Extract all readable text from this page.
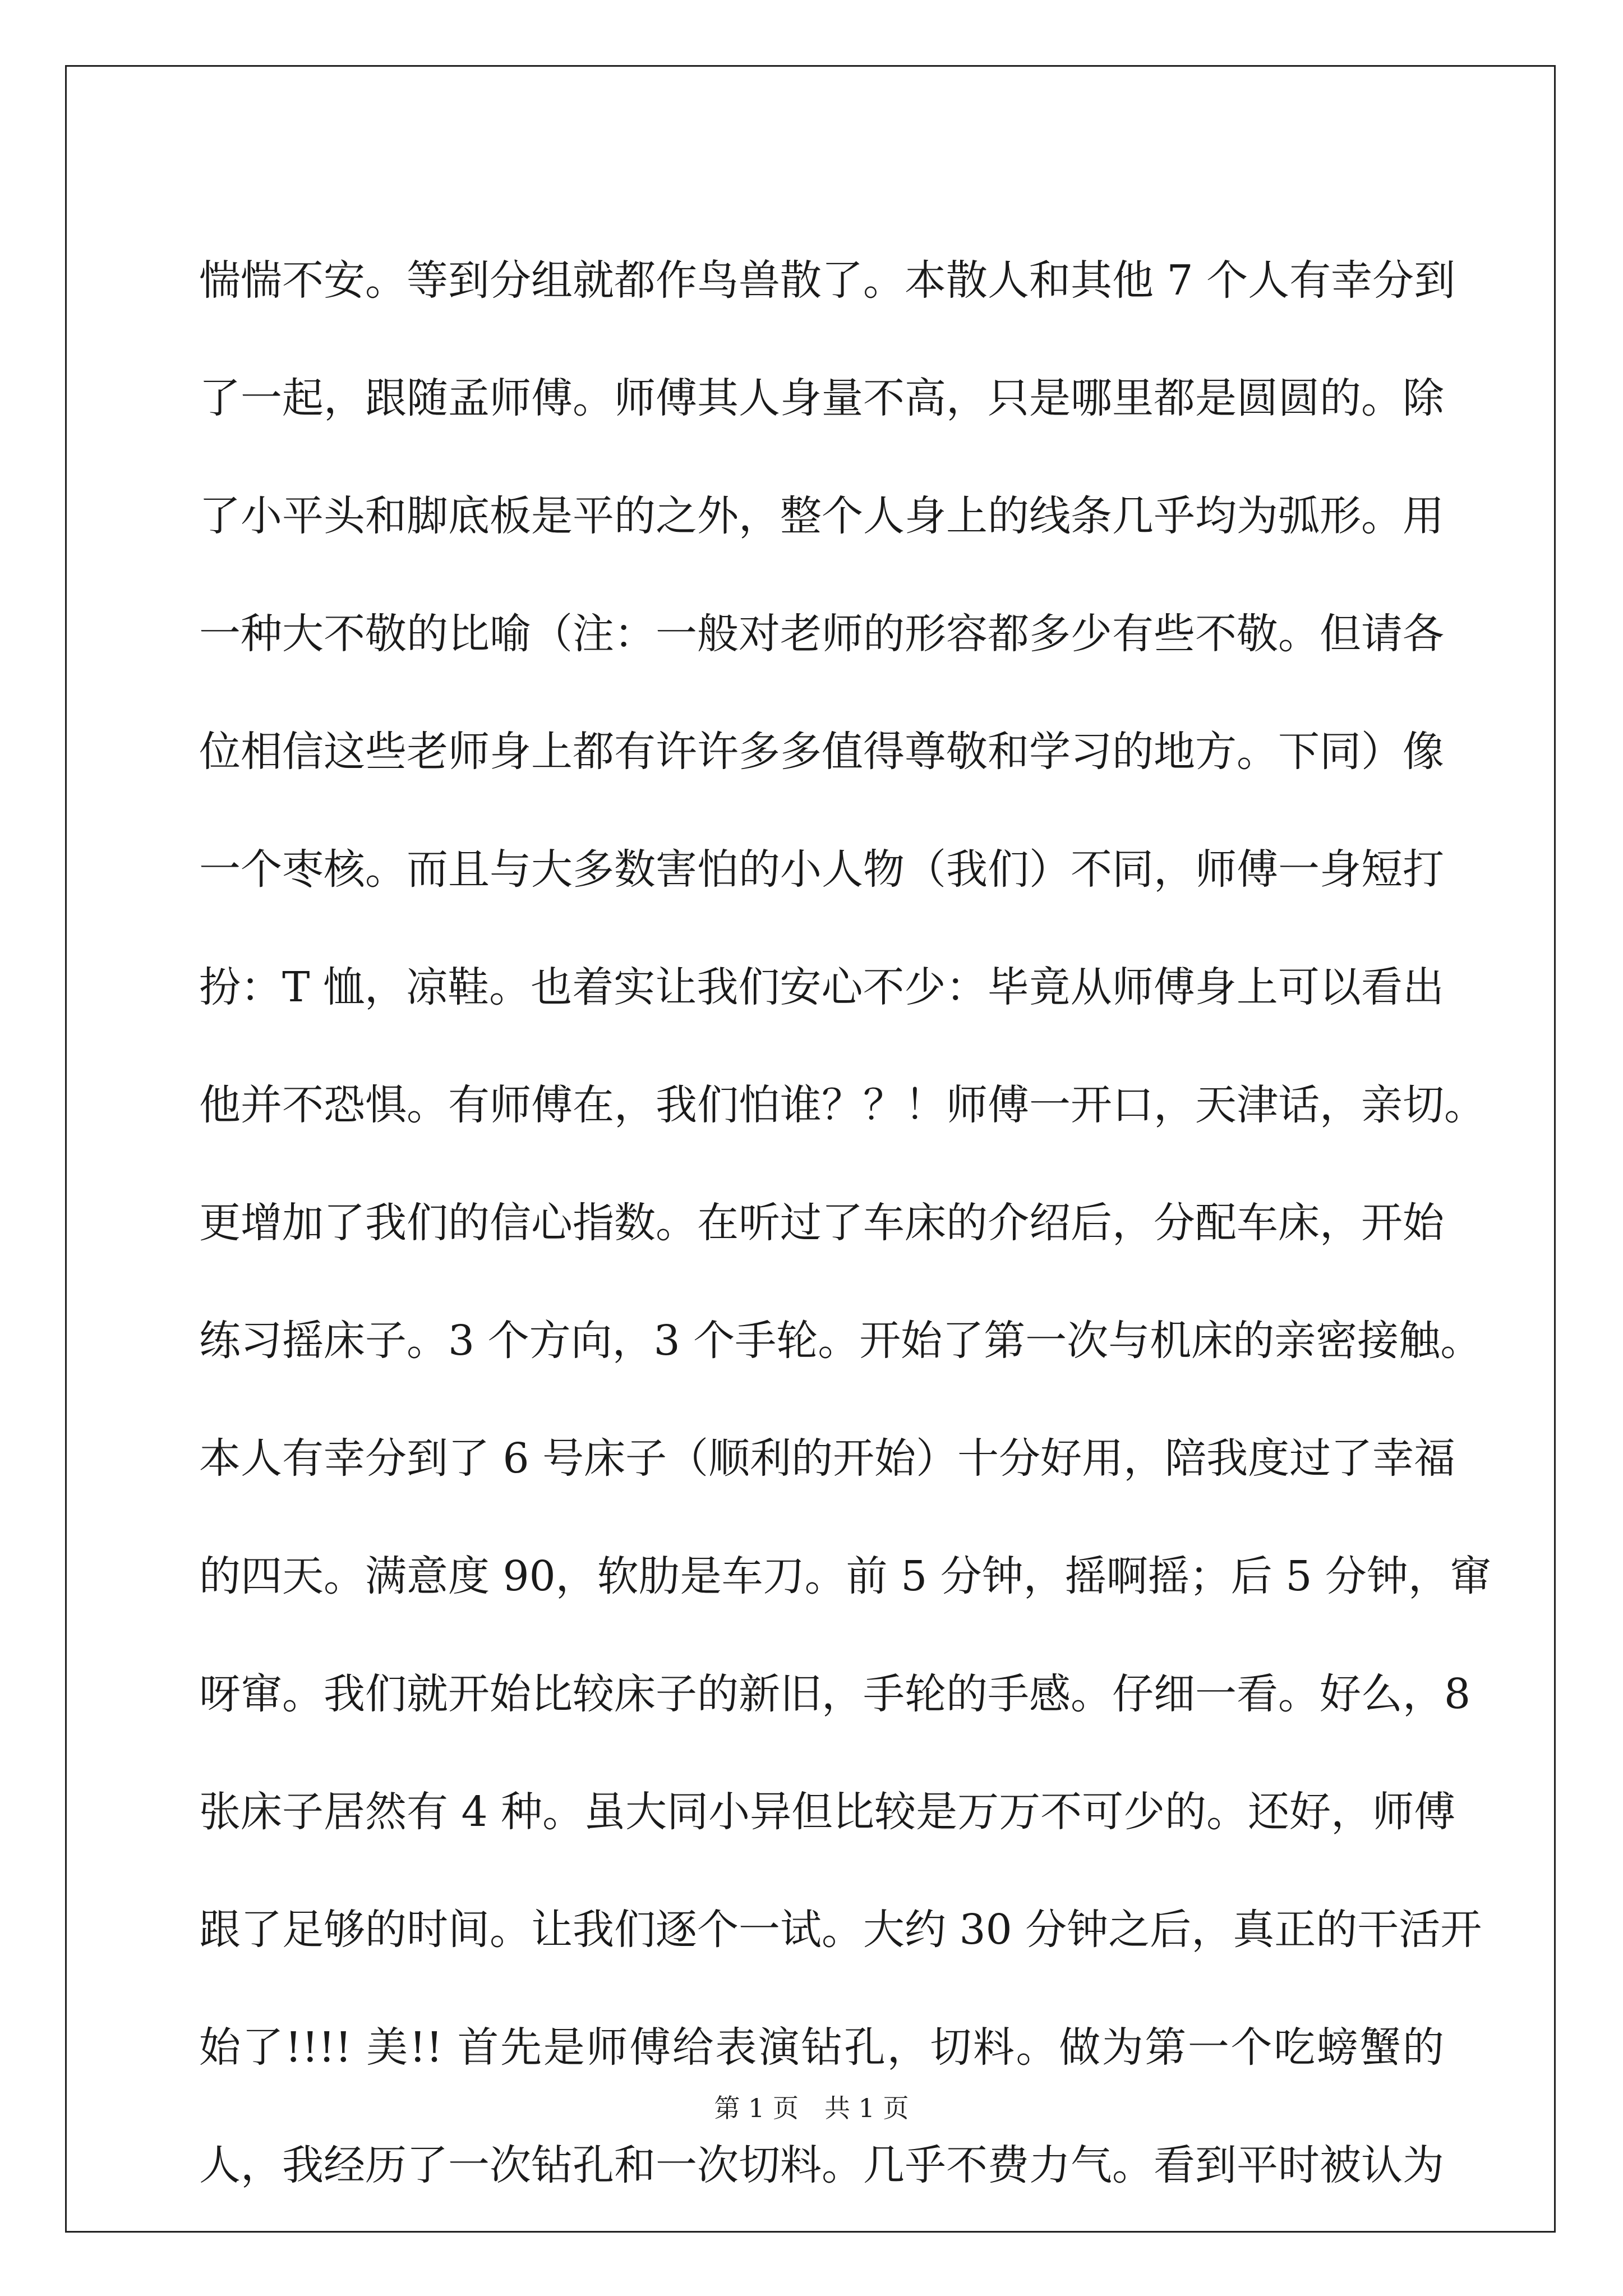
惴惴不安。等到分组就都作鸟兽散了。本散人和其他 7 个人有幸分到
了一起，跟随孟师傅。师傅其人身量不高，只是哪里都是圆圆的。除
了小平头和脚底板是平的之外，整个人身上的线条几乎均为弧形。用
一种大不敬的比喻（注：一般对老师的形容都多少有些不敬。但请各
位相信这些老师身上都有许许多多值得尊敬和学习的地方。下同）像
一个枣核。而且与大多数害怕的小人物（我们）不同，师傅一身短打
扮：T 恤，凉鞋。也着实让我们安心不少：毕竟从师傅身上可以看出
他并不恐惧。有师傅在，我们怕谁？？！师傅一开口，天津话，亲切。
更增加了我们的信心指数。在听过了车床的介绍后，分配车床，开始
练习摇床子。3 个方向，3 个手轮。开始了第一次与机床的亲密接触。
本人有幸分到了 6 号床子（顺利的开始）十分好用，陪我度过了幸福
的四天。满意度 90，软肋是车刀。前 5 分钟，摇啊摇；后 5 分钟，窜
呀窜。我们就开始比较床子的新旧，手轮的手感。仔细一看。好么，8
张床子居然有 4 种。虽大同小异但比较是万万不可少的。还好，师傅
跟了足够的时间。让我们逐个一试。大约 30 分钟之后，真正的干活开
始了!!!! 美!! 首先是师傅给表演钻孔，切料。做为第一个吃螃蟹的
人，我经历了一次钻孔和一次切料。几乎不费力气。看到平时被认为
第 1 页　共 1 页
